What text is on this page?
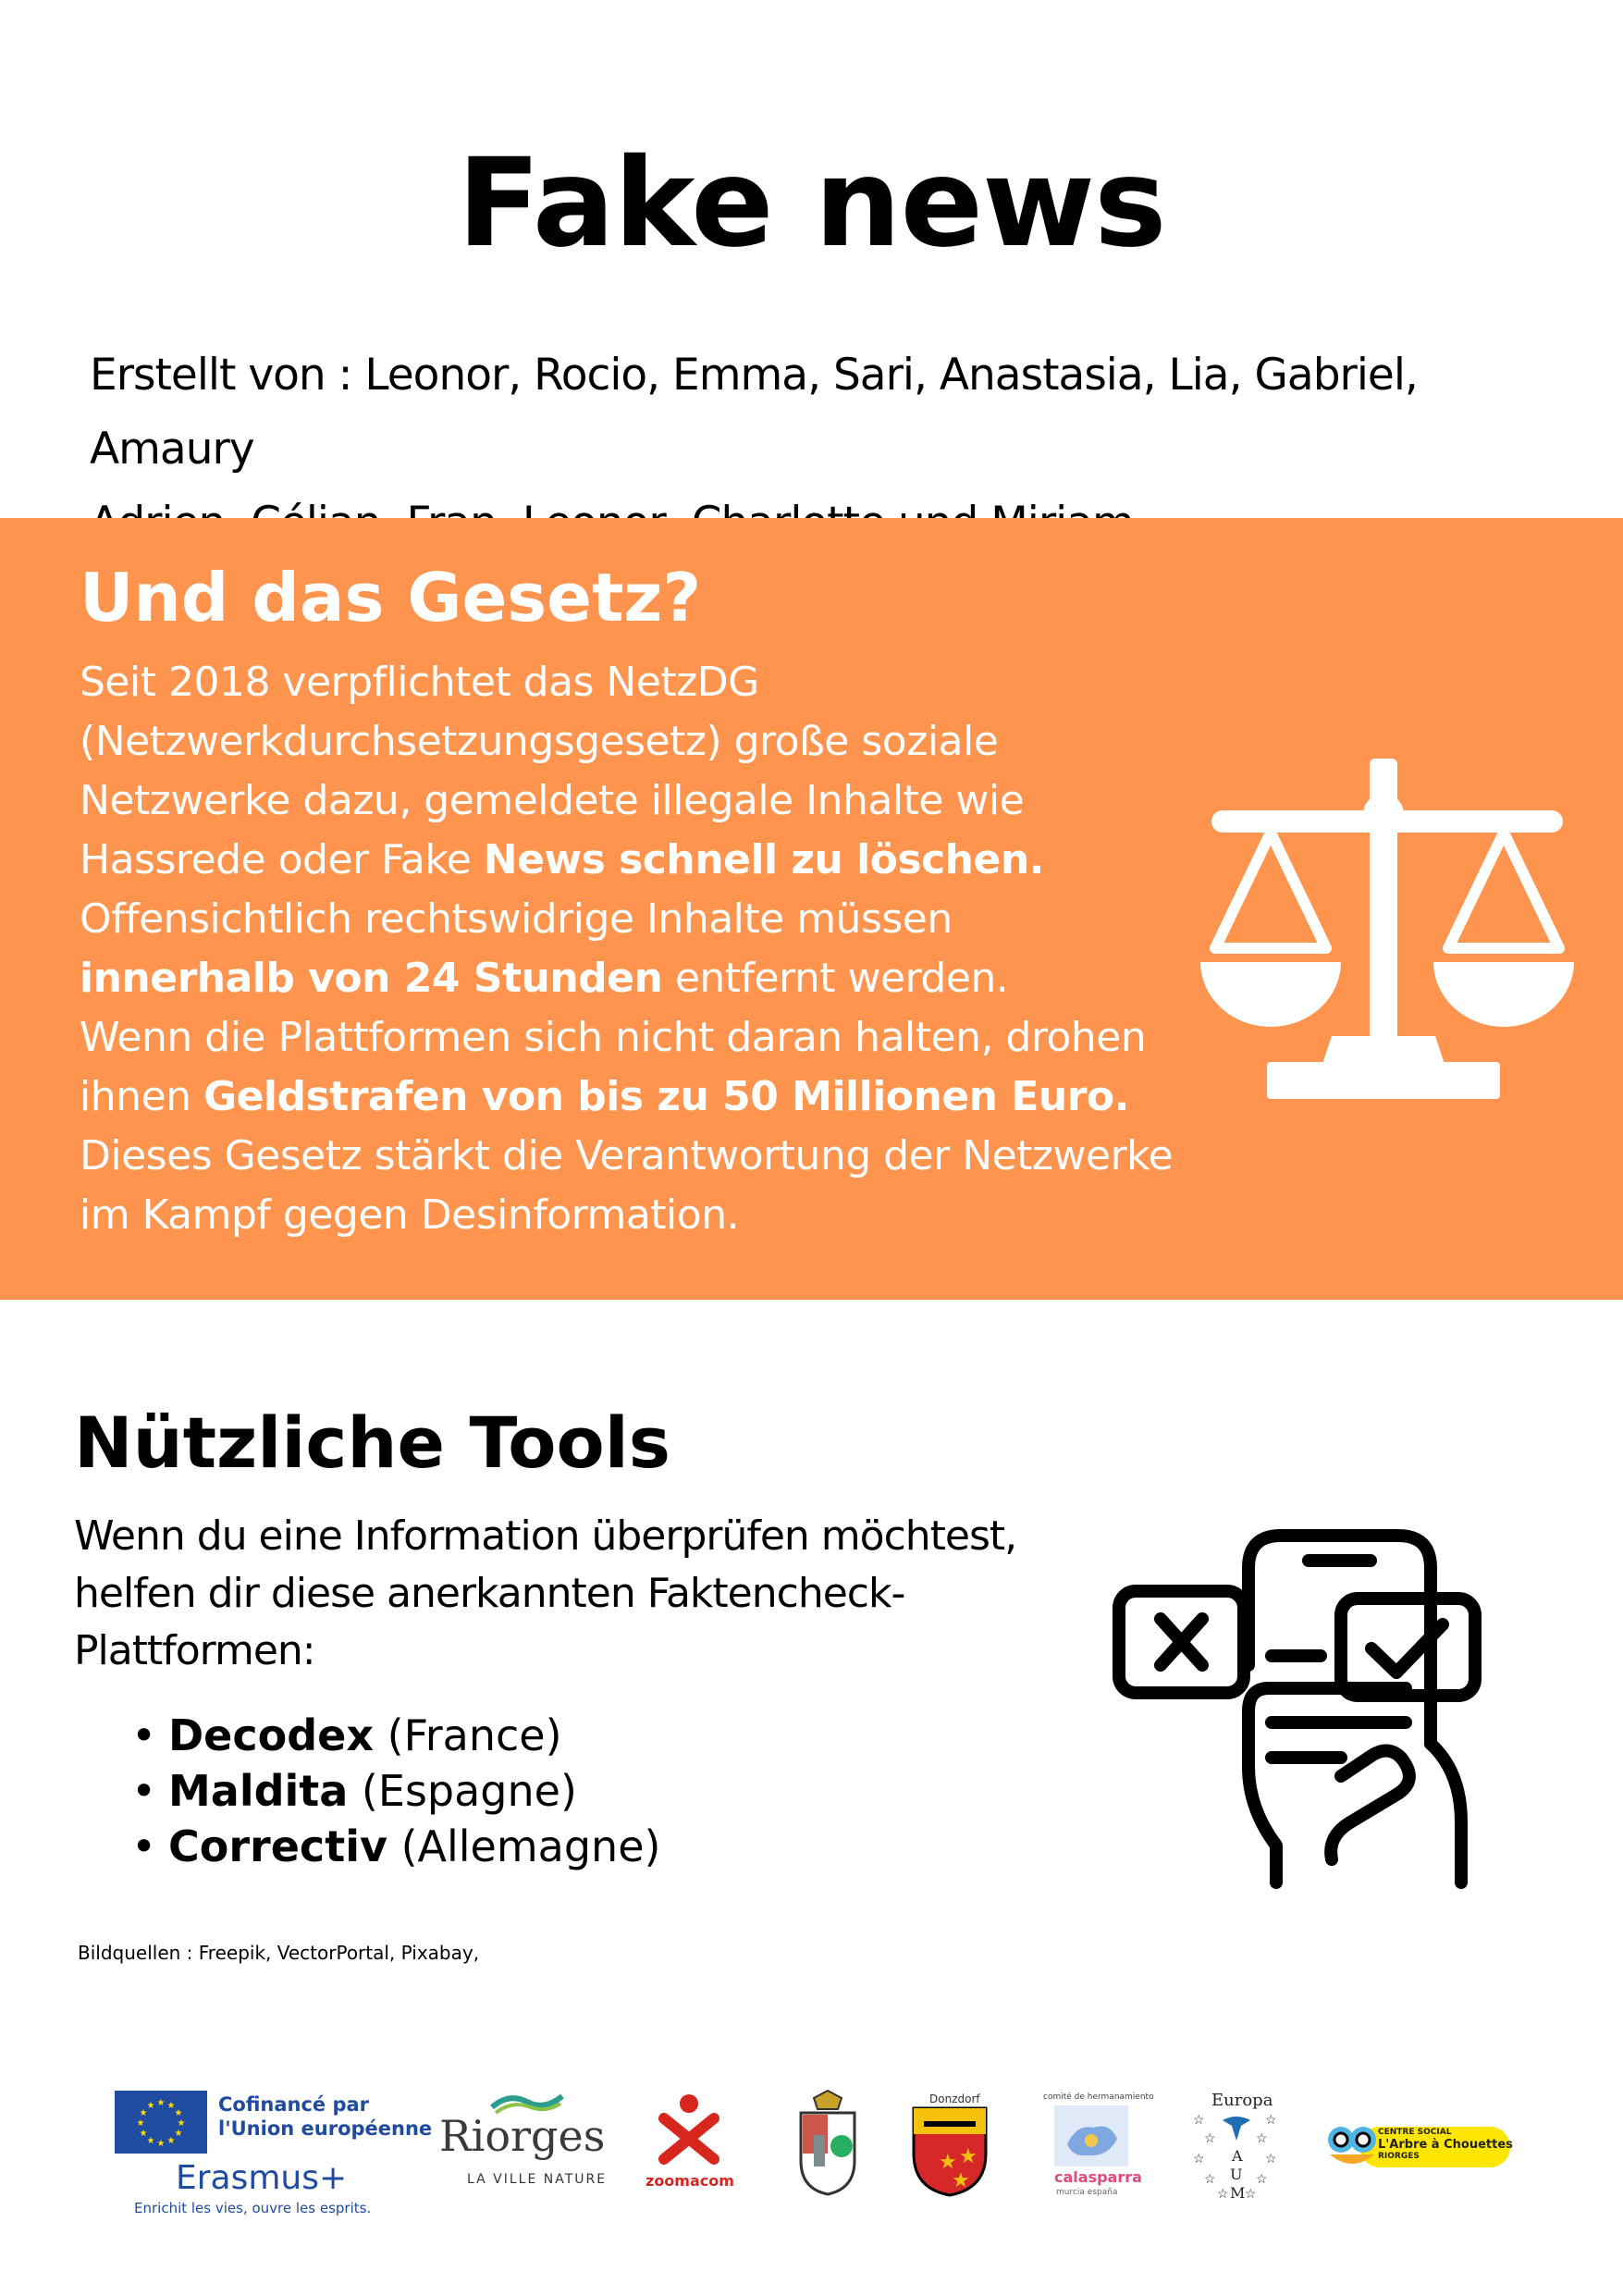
Fake news
Erstellt von : Leonor, Rocio, Emma, Sari, Anastasia, Lia, Gabriel, Amaury
Und das Gesetz?
Seit 2018 verpflichtet das NetzDG
(Netzwerkdurchsetzungsgesetz) große soziale
Netzwerke dazu, gemeldete illegale Inhalte wie
Hassrede oder Fake News schnell zu löschen.
Offensichtlich rechtswidrige Inhalte müssen
innerhalb von 24 Stunden entfernt werden.
Wenn die Plattformen sich nicht daran halten, drohen
ihnen Geldstrafen von bis zu 50 Millionen Euro.
Dieses Gesetz stärkt die Verantwortung der Netzwerke
im Kampf gegen Desinformation.
Nützliche Tools
Wenn du eine Information überprüfen möchtest,
helfen dir diese anerkannten Faktencheck-
Plattformen:
• Decodex (France)
• Maldita (Espagne)
• Correctiv (Allemagne)
Bildquellen : Freepik, VectorPortal, Pixabay,
★ ★
★
★
★
★
★
★
★
★
★
★	Cofinancé par
l'Union européenne
Erasmus+
Enrichit les vies, ouvre les esprits.
Riorges
LA VILLE NATURE	zoomacom
Donzdorf
★
★
★
comité de hermanamiento
calasparra
murcia españa
Europa
☆
☆
☆
☆
☆
☆
☆
☆
☆ ☆
A
U
M
CENTRE SOCIAL
L'Arbre à Chouettes
RIORGES
